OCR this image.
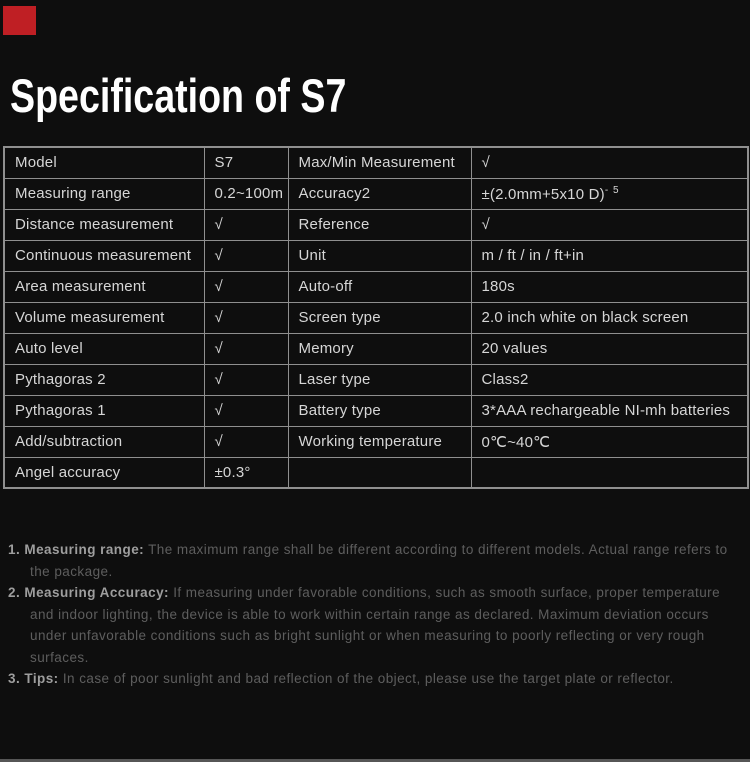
Specification of S7
Model	S7	Max/Min Measurement	√
Measuring range	0.2~100m	Accuracy2	±(2.0mm+5x10 D)$^{- 5}$
Distance measurement	√	Reference	√
Continuous measurement	√	Unit	m / ft / in / ft+in
Area measurement	√	Auto-off	180s
Volume measurement	√	Screen type	2.0 inch white on black screen
Auto level	√	Memory	20 values
Pythagoras 2	√	Laser type	Class2
Pythagoras 1	√	Battery type	3*AAA rechargeable NI-mh batteries
Add/subtraction	√	Working temperature	0℃~40℃
Angel accuracy	±0.3°		
1. Measuring range: The maximum range shall be different according to different models. Actual range refers to the package.
2. Measuring Accuracy: If measuring under favorable conditions, such as smooth surface, proper temperature and indoor lighting, the device is able to work within certain range as declared. Maximum deviation occurs under unfavorable conditions such as bright sunlight or when measuring to poorly reflecting or very rough surfaces.
3. Tips: In case of poor sunlight and bad reflection of the object, please use the target plate or reflector.
